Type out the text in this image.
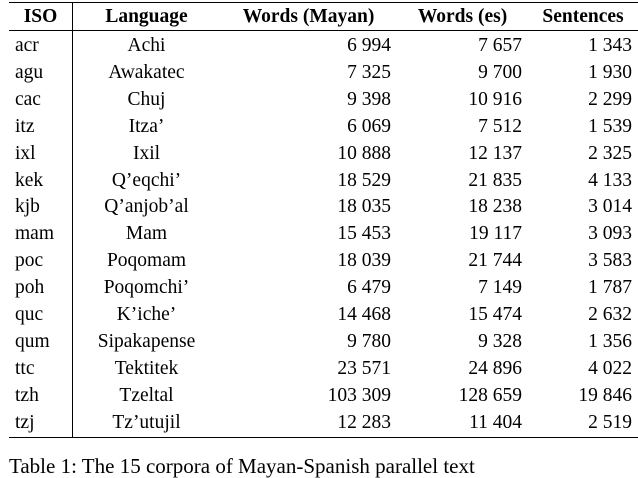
ISO	Language	Words (Mayan)	Words (es)	Sentences
acr	Achi	6 994	7 657	1 343
agu	Awakatec	7 325	9 700	1 930
cac	Chuj	9 398	10 916	2 299
itz	Itza’	6 069	7 512	1 539
ixl	Ixil	10 888	12 137	2 325
kek	Q’eqchi’	18 529	21 835	4 133
kjb	Q’anjob’al	18 035	18 238	3 014
mam	Mam	15 453	19 117	3 093
poc	Poqomam	18 039	21 744	3 583
poh	Poqomchi’	6 479	7 149	1 787
quc	K’iche’	14 468	15 474	2 632
qum	Sipakapense	9 780	9 328	1 356
ttc	Tektitek	23 571	24 896	4 022
tzh	Tzeltal	103 309	128 659	19 846
tzj	Tz’utujil	12 283	11 404	2 519
Table 1: The 15 corpora of Mayan-Spanish parallel text
